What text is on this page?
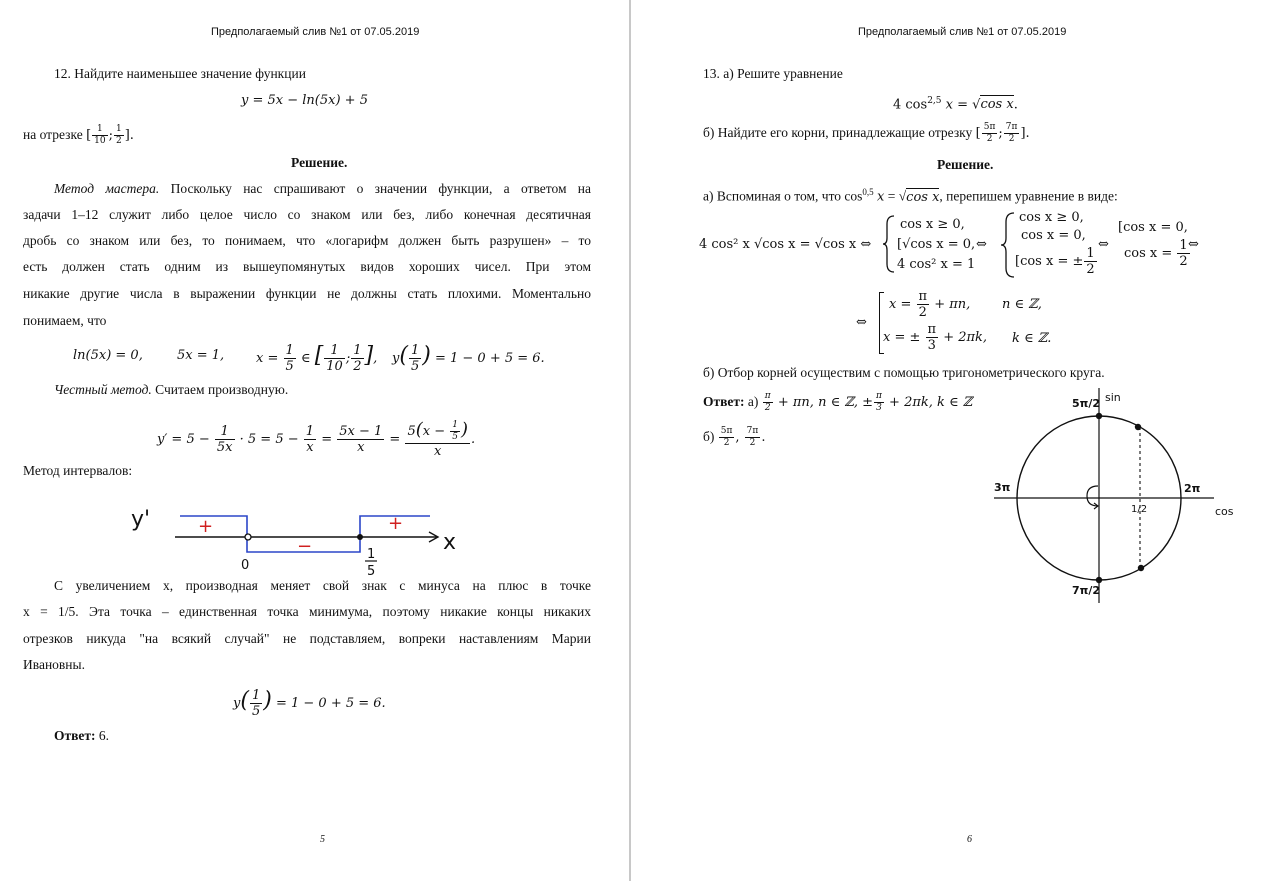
Предполагаемый слив №1 от 07.05.2019
12. Найдите наименьшее значение функции
y = 5x − ln(5x) + 5
на отрезке [ $\frac{1}{10}$ ; $\frac{1}{2}$ ].
Решение.
Метод мастера. Поскольку нас спрашивают о значении функции, а ответом на
задачи 1–12 служит либо целое число со знаком или без, либо конечная десятичная
дробь со знаком или без, то понимаем, что «логарифм должен быть разрушен» – то
есть должен стать одним из вышеупомянутых видов хороших чисел. При этом
никакие другие числа в выражении функции не должны стать плохими. Моментально
понимаем, что
ln(5x) = 0,	5x = 1, $x = \frac{1}{5}$ ∈ [ $\frac{1}{10}$ ; $\frac{1}{2}$ ], $y( \frac{1}{5}$ ) = 1 − 0 + 5 = 6.
Честный метод. Считаем производную.
$y' = 5 - \frac{1}{5x} \cdot 5 = 5 - \frac{1}{x} = \frac{5x - 1}{x} = \frac{5(x - \frac{1}{5} )}{x}$ .
Метод интервалов:
y'
x
+	+
−
0
1
5
С увеличением x, производная меняет свой знак с минуса на плюс в точке
x = 1/5. Эта точка – единственная точка минимума, поэтому никакие концы никаких
отрезков никуда "на всякий случай" не подставляем, вопреки наставлениям Марии
Ивановны.
$y( \frac{1}{5}$ ) = 1 − 0 + 5 = 6.
Ответ: 6.
5
Предполагаемый слив №1 от 07.05.2019
13. а) Решите уравнение
4 $\cos^{2,5} x = √\cos$ x.
б) Найдите его корни, принадлежащие отрезку [ $\frac{5\pi}{2}$ ; $\frac{7\pi}{2}$ ].
Решение.
а) Вспоминая о том, что $\cos^{0,5} x = √\cos$ x, перепишем уравнение в виде:
4 cos² x √cos x = √cos x ⇔
cos x ≥ 0,
[√cos x = 0,
4 cos² x = 1
⇔
cos x ≥ 0,
cos x = 0,
[cos x = ± $\frac{1}{2}$
⇔
[cos x = 0,
$\cos x = \frac{1}{2}$
⇔
⇔
$x = \frac{\pi}{2} + \pi n$, n ∈ ℤ,
x = ± $\frac{\pi}{3} + 2\pi k$, k ∈ ℤ.
б) Отбор корней осуществим с помощью тригонометрического круга.
Ответ: $а) \frac{\pi}{2} + \pi n$, n ∈ ℤ, ± $\frac{\pi}{3} + 2\pi k$, k ∈ ℤ
$б) \frac{5\pi}{2}$ , $\frac{7\pi}{2}$ .
sin
cos
5π/2
7π/2
3π	2π
1/2
6
